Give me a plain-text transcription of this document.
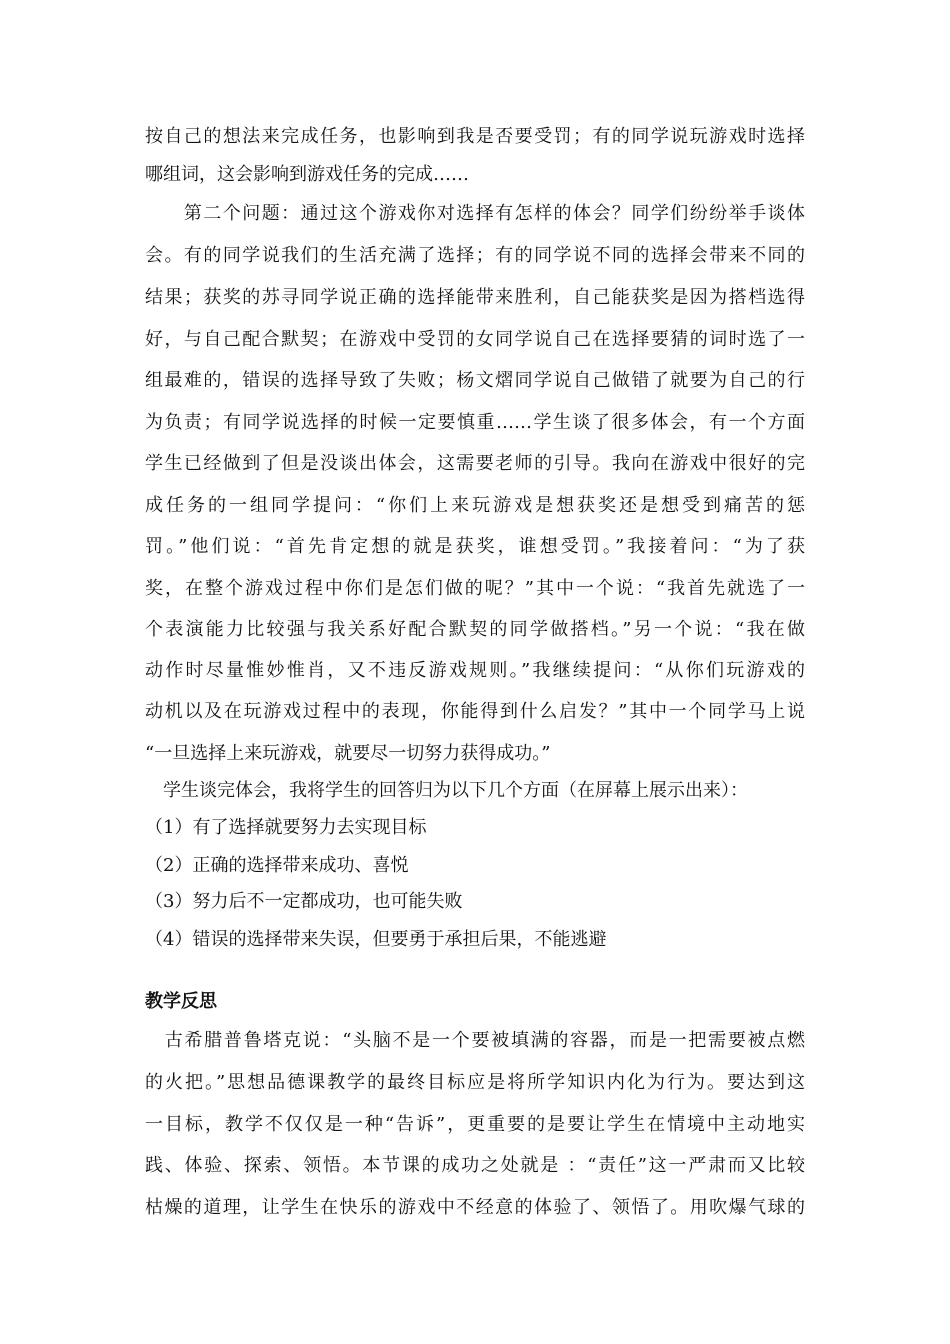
按自己的想法来完成任务，也影响到我是否要受罚；有的同学说玩游戏时选择
哪组词，这会影响到游戏任务的完成……
　　第二个问题：通过这个游戏你对选择有怎样的体会？同学们纷纷举手谈体
会。有的同学说我们的生活充满了选择；有的同学说不同的选择会带来不同的
结果；获奖的苏寻同学说正确的选择能带来胜利，自己能获奖是因为搭档选得
好，与自己配合默契；在游戏中受罚的女同学说自己在选择要猜的词时选了一
组最难的，错误的选择导致了失败；杨文熠同学说自己做错了就要为自己的行
为负责；有同学说选择的时候一定要慎重……学生谈了很多体会，有一个方面
学生已经做到了但是没谈出体会，这需要老师的引导。我向在游戏中很好的完
成任务的一组同学提问：“你们上来玩游戏是想获奖还是想受到痛苦的惩
罚。”他们说：“首先肯定想的就是获奖，谁想受罚。”我接着问：“为了获
奖，在整个游戏过程中你们是怎们做的呢？”其中一个说：“我首先就选了一
个表演能力比较强与我关系好配合默契的同学做搭档。”另一个说：“我在做
动作时尽量惟妙惟肖，又不违反游戏规则。”我继续提问：“从你们玩游戏的
动机以及在玩游戏过程中的表现，你能得到什么启发？”其中一个同学马上说
“一旦选择上来玩游戏，就要尽一切努力获得成功。”
　学生谈完体会，我将学生的回答归为以下几个方面（在屏幕上展示出来）：
（1）有了选择就要努力去实现目标
（2）正确的选择带来成功、喜悦
（3）努力后不一定都成功，也可能失败
（4）错误的选择带来失误，但要勇于承担后果，不能逃避
教学反思
　古希腊普鲁塔克说：“头脑不是一个要被填满的容器，而是一把需要被点燃
的火把。”思想品德课教学的最终目标应是将所学知识内化为行为。要达到这
一目标，教学不仅仅是一种“告诉”，更重要的是要让学生在情境中主动地实
践、体验、探索、领悟。本节课的成功之处就是 ：“责任”这一严肃而又比较
枯燥的道理，让学生在快乐的游戏中不经意的体验了、领悟了。用吹爆气球的
